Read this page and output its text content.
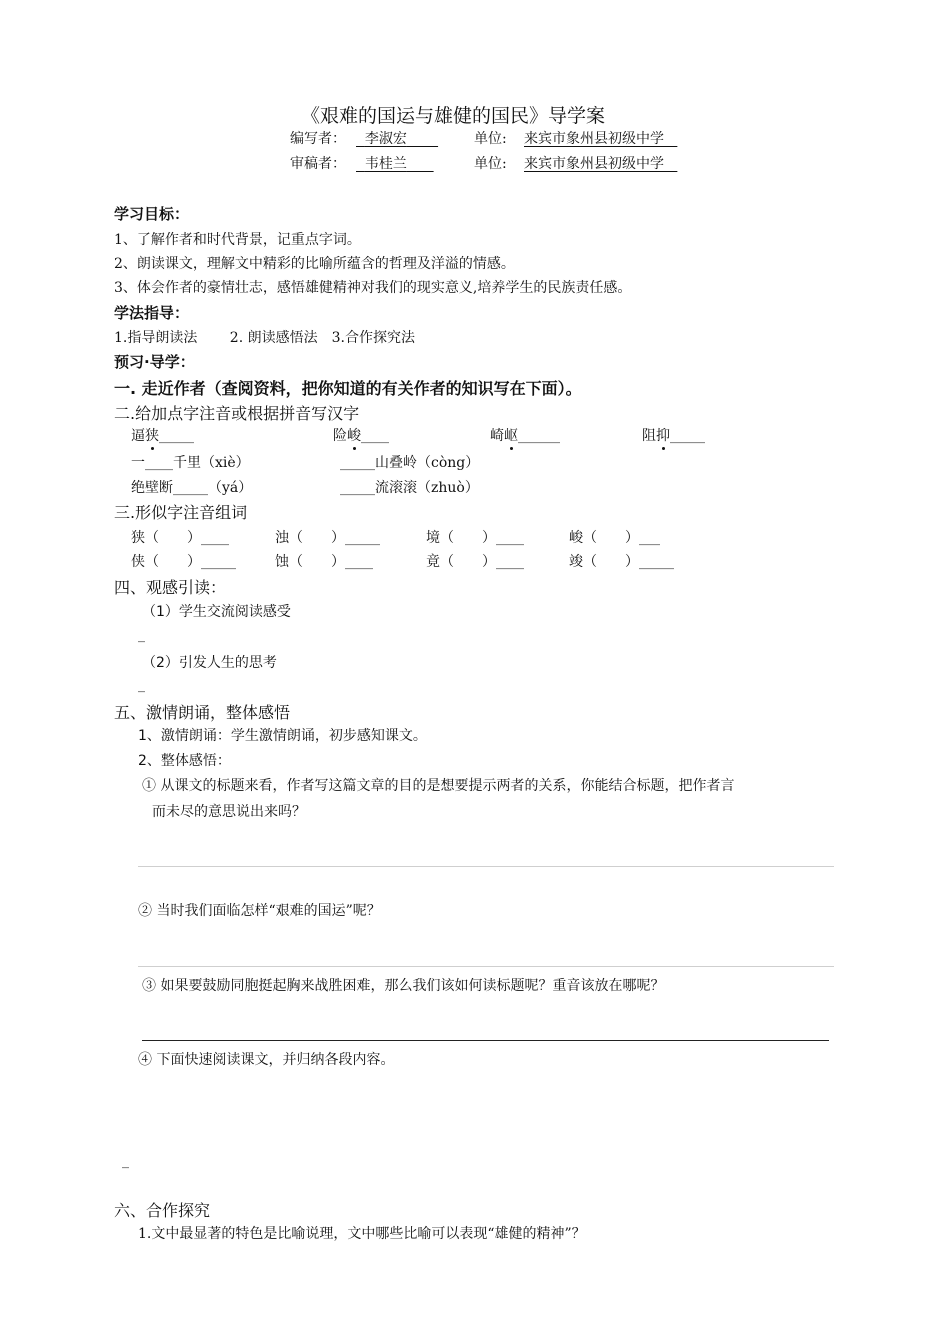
《艰难的国运与雄健的国民》导学案
编写者：	李淑宏	单位: 来宾市象州县初级中学
审稿者：	韦桂兰	单位: 来宾市象州县初级中学
学习目标：
1、了解作者和时代背景，记重点字词。
2、朗读课文，理解文中精彩的比喻所蕴含的哲理及洋溢的情感。
3、体会作者的豪情壮志，感悟雄健精神对我们的现实意义,培养学生的民族责任感。
学法指导：
1.指导朗读法　　 2. 朗读感悟法　3.合作探究法
预习·导学：
一. 走近作者（查阅资料，把你知道的有关作者的知识写在下面）。
二.给加点字注音或根据拼音写汉字
逼狭_____	险峻____	崎岖______	阻抑_____
一____千里（xiè）	_____山叠岭（còng）
绝壁断_____（yá）	_____流滚滚（zhuò）
三.形似字注音组词
狭（　　）____	浊（　　）_____	境（　　）____	峻（　　）___
侠（　　）_____	蚀（　　）____	竟（　　）____	竣（　　）_____
四、观感引读：
（1）学生交流阅读感受
_
（2）引发人生的思考
_
五、激情朗诵，整体感悟
1、激情朗诵：学生激情朗诵，初步感知课文。
2、整体感悟：
① 从课文的标题来看，作者写这篇文章的目的是想要提示两者的关系，你能结合标题，把作者言
而未尽的意思说出来吗？
② 当时我们面临怎样“艰难的国运”呢？
③ 如果要鼓励同胞挺起胸来战胜困难，那么我们该如何读标题呢？重音该放在哪呢？
④ 下面快速阅读课文，并归纳各段内容。
_
六、合作探究
1.文中最显著的特色是比喻说理，文中哪些比喻可以表现“雄健的精神”？
